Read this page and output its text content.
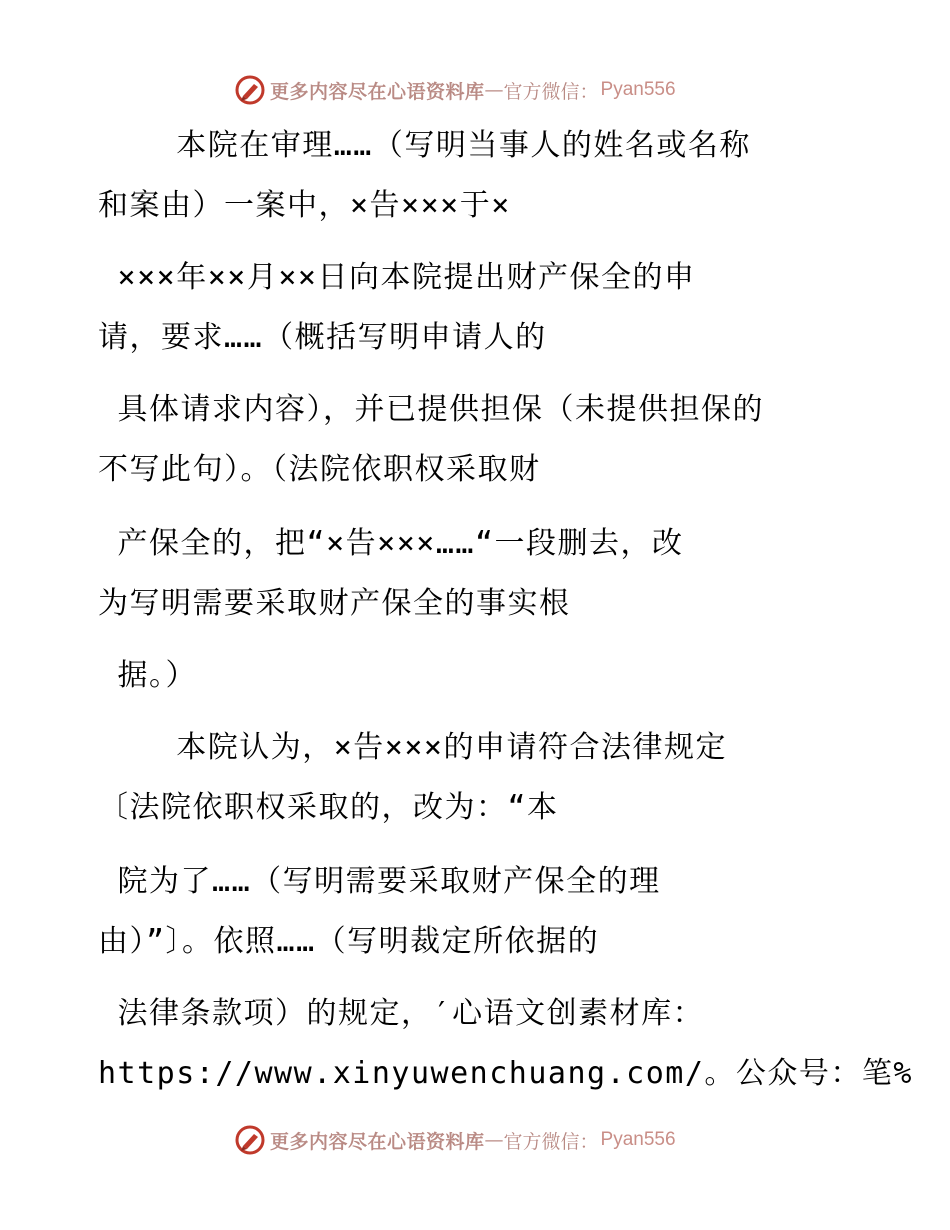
更多内容尽在心语资料库 — 官方微信： Pyan556
本院在审理……（写明当事人的姓名或名称
和案由）一案中，×告×××于×
×××年××月××日向本院提出财产保全的申
请，要求……（概括写明申请人的
具体请求内容），并已提供担保（未提供担保的
不写此句）。（法院依职权采取财
产保全的，把“×告×××……“一段删去，改
为写明需要采取财产保全的事实根
据。）
本院认为，×告×××的申请符合法律规定
〔法院依职权采取的，改为：“本
院为了……（写明需要采取财产保全的理
由）”〕。依照……（写明裁定所依据的
法律条款项）的规定，′心语文创素材库：
https://www.xinyuwenchuang.com/。公众号：笔%
更多内容尽在心语资料库 — 官方微信： Pyan556
